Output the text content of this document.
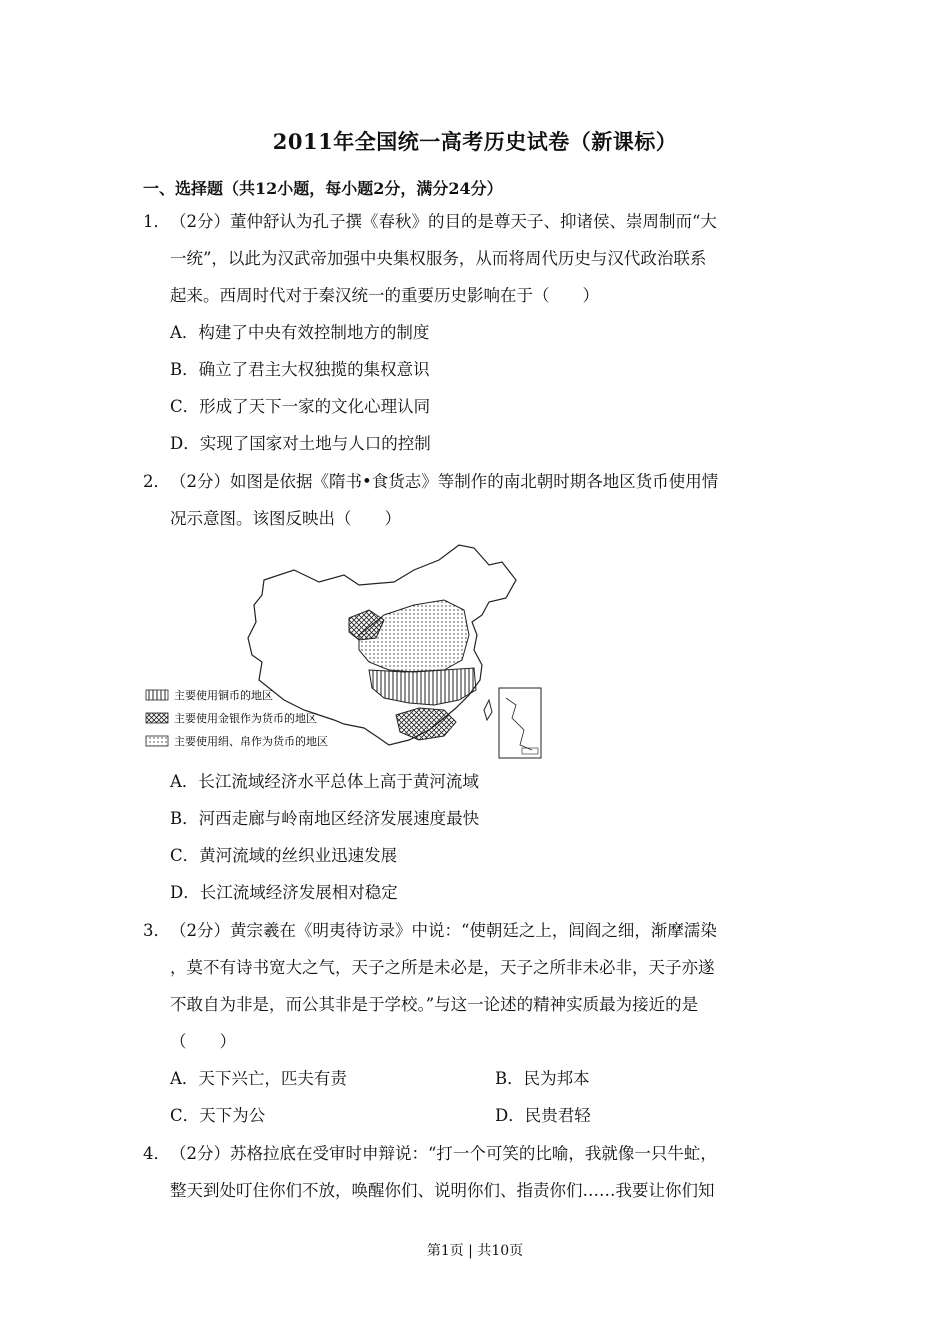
2011年全国统一高考历史试卷（新课标）
一、选择题（共12小题，每小题2分，满分24分）
1． （2分）董仲舒认为孔子撰《春秋》的目的是尊天子、抑诸侯、崇周制而“大
一统”，以此为汉武帝加强中央集权服务，从而将周代历史与汉代政治联系
起来。西周时代对于秦汉统一的重要历史影响在于（　　）
A．构建了中央有效控制地方的制度
B．确立了君主大权独揽的集权意识
C．形成了天下一家的文化心理认同
D．实现了国家对土地与人口的控制
2． （2分）如图是依据《隋书•食货志》等制作的南北朝时期各地区货币使用情
况示意图。该图反映出（　　）
主要使用铜币的地区
主要使用金银作为货币的地区
主要使用绢、帛作为货币的地区
A．长江流域经济水平总体上高于黄河流域
B．河西走廊与岭南地区经济发展速度最快
C．黄河流域的丝织业迅速发展
D．长江流域经济发展相对稳定
3． （2分）黄宗羲在《明夷待访录》中说：“使朝廷之上，闾阎之细，渐摩濡染
，莫不有诗书宽大之气，天子之所是未必是，天子之所非未必非，天子亦遂
不敢自为非是，而公其非是于学校。”与这一论述的精神实质最为接近的是
（　　）
A．天下兴亡，匹夫有责	B．民为邦本
C．天下为公	D．民贵君轻
4． （2分）苏格拉底在受审时申辩说：“打一个可笑的比喻，我就像一只牛虻，
整天到处叮住你们不放，唤醒你们、说明你们、指责你们……我要让你们知
第1页 | 共10页
